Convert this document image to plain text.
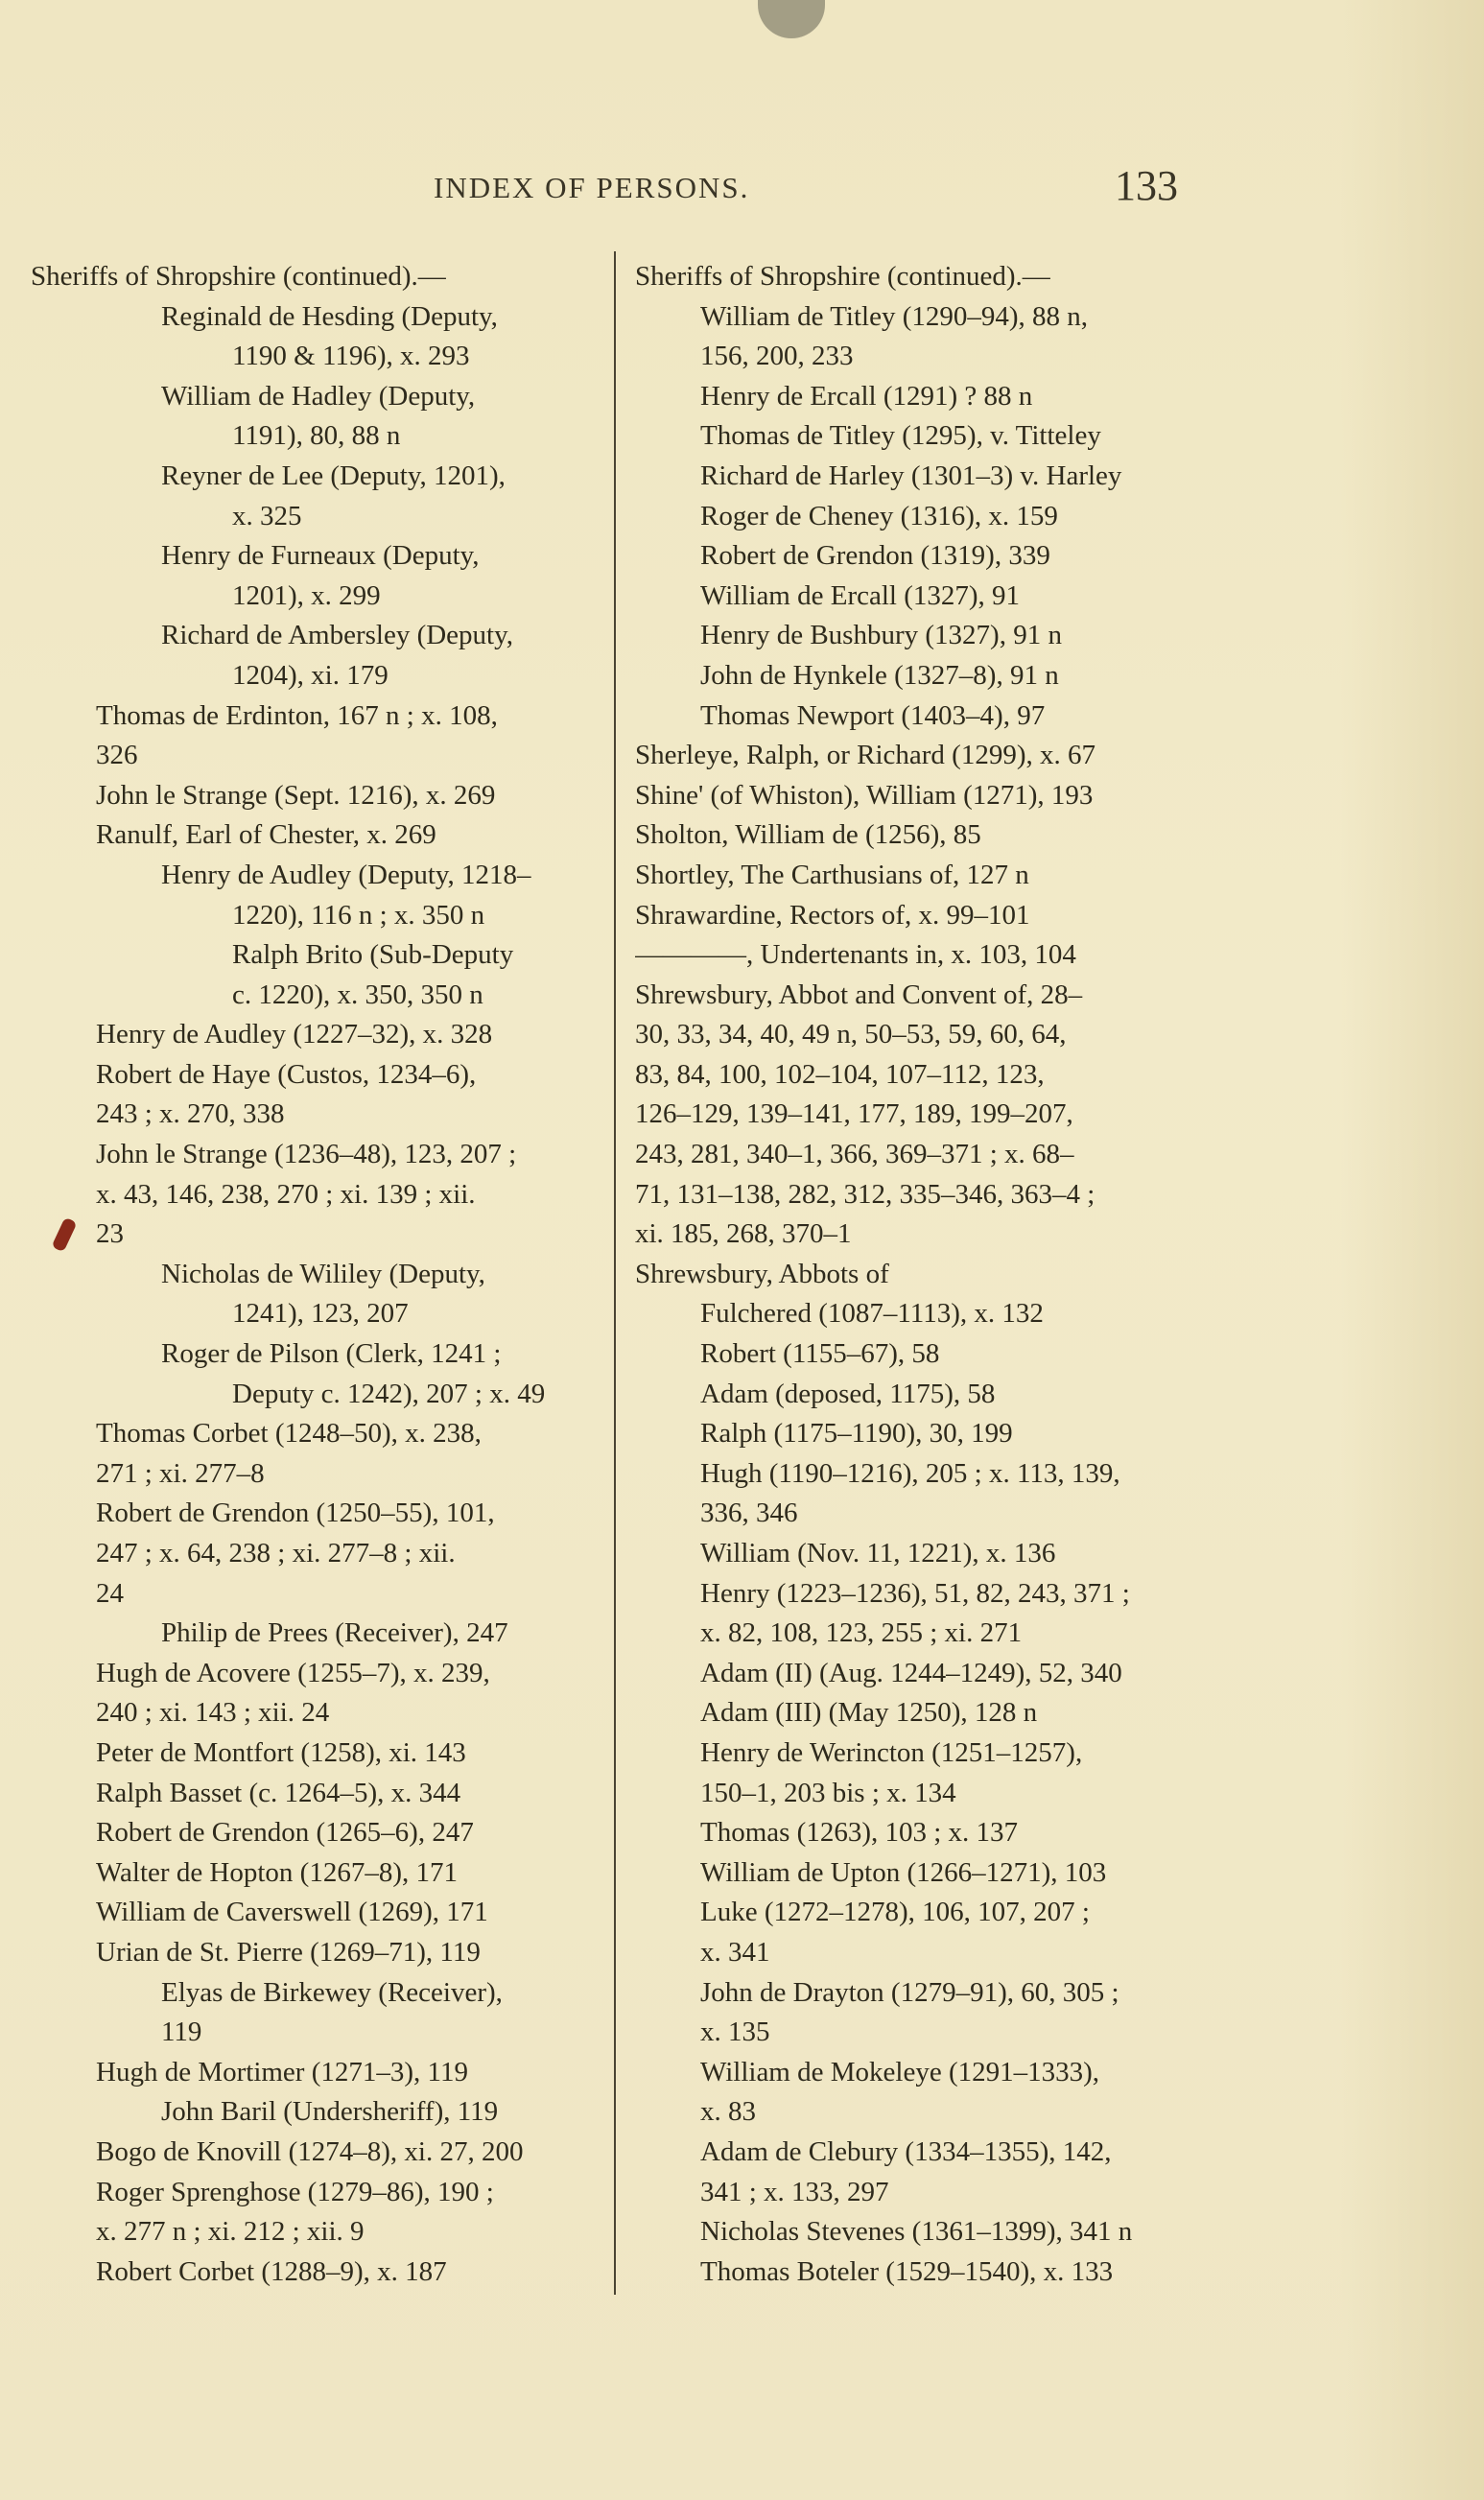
INDEX OF PERSONS.	133
Sheriffs of Shropshire (continued).—
Reginald de Hesding (Deputy,
1190 & 1196), x. 293
William de Hadley (Deputy,
1191), 80, 88 n
Reyner de Lee (Deputy, 1201),
x. 325
Henry de Furneaux (Deputy,
1201), x. 299
Richard de Ambersley (Deputy,
1204), xi. 179
Thomas de Erdinton, 167 n ; x. 108,
326
John le Strange (Sept. 1216), x. 269
Ranulf, Earl of Chester, x. 269
Henry de Audley (Deputy, 1218–
1220), 116 n ; x. 350 n
Ralph Brito (Sub-Deputy
c. 1220), x. 350, 350 n
Henry de Audley (1227–32), x. 328
Robert de Haye (Custos, 1234–6),
243 ; x. 270, 338
John le Strange (1236–48), 123, 207 ;
x. 43, 146, 238, 270 ; xi. 139 ; xii.
23
Nicholas de Wililey (Deputy,
1241), 123, 207
Roger de Pilson (Clerk, 1241 ;
Deputy c. 1242), 207 ; x. 49
Thomas Corbet (1248–50), x. 238,
271 ; xi. 277–8
Robert de Grendon (1250–55), 101,
247 ; x. 64, 238 ; xi. 277–8 ; xii.
24
Philip de Prees (Receiver), 247
Hugh de Acovere (1255–7), x. 239,
240 ; xi. 143 ; xii. 24
Peter de Montfort (1258), xi. 143
Ralph Basset (c. 1264–5), x. 344
Robert de Grendon (1265–6), 247
Walter de Hopton (1267–8), 171
William de Caverswell (1269), 171
Urian de St. Pierre (1269–71), 119
Elyas de Birkewey (Receiver),
119
Hugh de Mortimer (1271–3), 119
John Baril (Undersheriff), 119
Bogo de Knovill (1274–8), xi. 27, 200
Roger Sprenghose (1279–86), 190 ;
x. 277 n ; xi. 212 ; xii. 9
Robert Corbet (1288–9), x. 187
Sheriffs of Shropshire (continued).—
William de Titley (1290–94), 88 n,
156, 200, 233
Henry de Ercall (1291) ? 88 n
Thomas de Titley (1295), v. Titteley
Richard de Harley (1301–3) v. Harley
Roger de Cheney (1316), x. 159
Robert de Grendon (1319), 339
William de Ercall (1327), 91
Henry de Bushbury (1327), 91 n
John de Hynkele (1327–8), 91 n
Thomas Newport (1403–4), 97
Sherleye, Ralph, or Richard (1299), x. 67
Shine' (of Whiston), William (1271), 193
Sholton, William de (1256), 85
Shortley, The Carthusians of, 127 n
Shrawardine, Rectors of, x. 99–101
————, Undertenants in, x. 103, 104
Shrewsbury, Abbot and Convent of, 28–
30, 33, 34, 40, 49 n, 50–53, 59, 60, 64,
83, 84, 100, 102–104, 107–112, 123,
126–129, 139–141, 177, 189, 199–207,
243, 281, 340–1, 366, 369–371 ; x. 68–
71, 131–138, 282, 312, 335–346, 363–4 ;
xi. 185, 268, 370–1
Shrewsbury, Abbots of
Fulchered (1087–1113), x. 132
Robert (1155–67), 58
Adam (deposed, 1175), 58
Ralph (1175–1190), 30, 199
Hugh (1190–1216), 205 ; x. 113, 139,
336, 346
William (Nov. 11, 1221), x. 136
Henry (1223–1236), 51, 82, 243, 371 ;
x. 82, 108, 123, 255 ; xi. 271
Adam (II) (Aug. 1244–1249), 52, 340
Adam (III) (May 1250), 128 n
Henry de Werincton (1251–1257),
150–1, 203 bis ; x. 134
Thomas (1263), 103 ; x. 137
William de Upton (1266–1271), 103
Luke (1272–1278), 106, 107, 207 ;
x. 341
John de Drayton (1279–91), 60, 305 ;
x. 135
William de Mokeleye (1291–1333),
x. 83
Adam de Clebury (1334–1355), 142,
341 ; x. 133, 297
Nicholas Stevenes (1361–1399), 341 n
Thomas Boteler (1529–1540), x. 133
